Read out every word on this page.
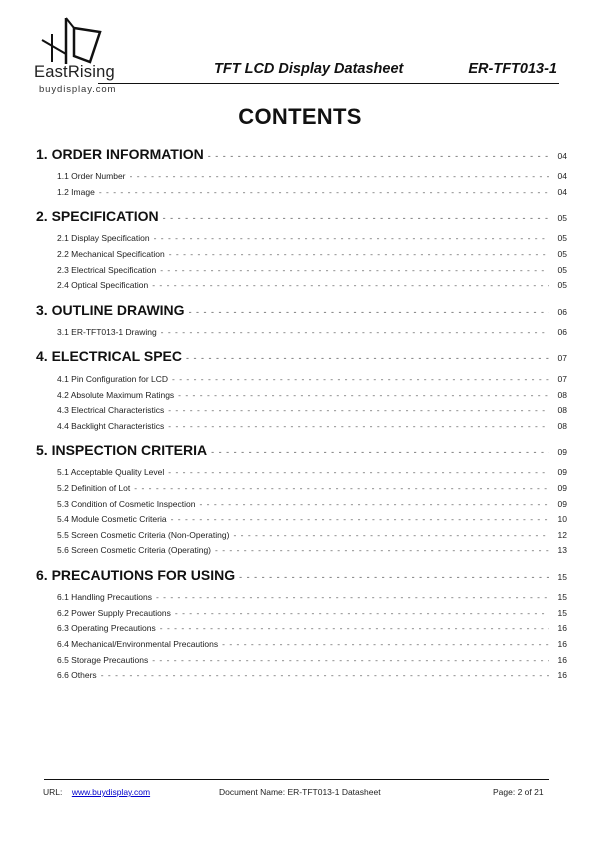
EastRising
buydisplay.com
TFT LCD Display Datasheet	ER-TFT013-1
CONTENTS
1. ORDER INFORMATION - - -	04
1.1 Order Number - - -	04
1.2 Image - - -	04
2. SPECIFICATION - - -	05
2.1 Display Specification - - -	05
2.2 Mechanical Specification - - -	05
2.3 Electrical Specification - - -	05
2.4 Optical Specification - - -	05
3. OUTLINE DRAWING - - -	06
3.1 ER-TFT013-1 Drawing - - -	06
4. ELECTRICAL SPEC - - -	07
4.1 Pin Configuration for LCD - - -	07
4.2 Absolute Maximum Ratings - - -	08
4.3 Electrical Characteristics - - -	08
4.4 Backlight Characteristics - - -	08
5. INSPECTION CRITERIA - - -	09
5.1 Acceptable Quality Level - - -	09
5.2 Definition of Lot - - -	09
5.3 Condition of Cosmetic Inspection - - -	09
5.4 Module Cosmetic Criteria - - -	10
5.5 Screen Cosmetic Criteria (Non-Operating) - - -	12
5.6 Screen Cosmetic Criteria (Operating) - - -	13
6. PRECAUTIONS FOR USING - - -	15
6.1 Handling Precautions - - -	15
6.2 Power Supply Precautions - - -	15
6.3 Operating Precautions - - -	16
6.4 Mechanical/Environmental Precautions - - -	16
6.5 Storage Precautions - - -	16
6.6 Others - - -	16
URL: www.buydisplay.com	Document Name: ER-TFT013-1 Datasheet	Page: 2 of 21
